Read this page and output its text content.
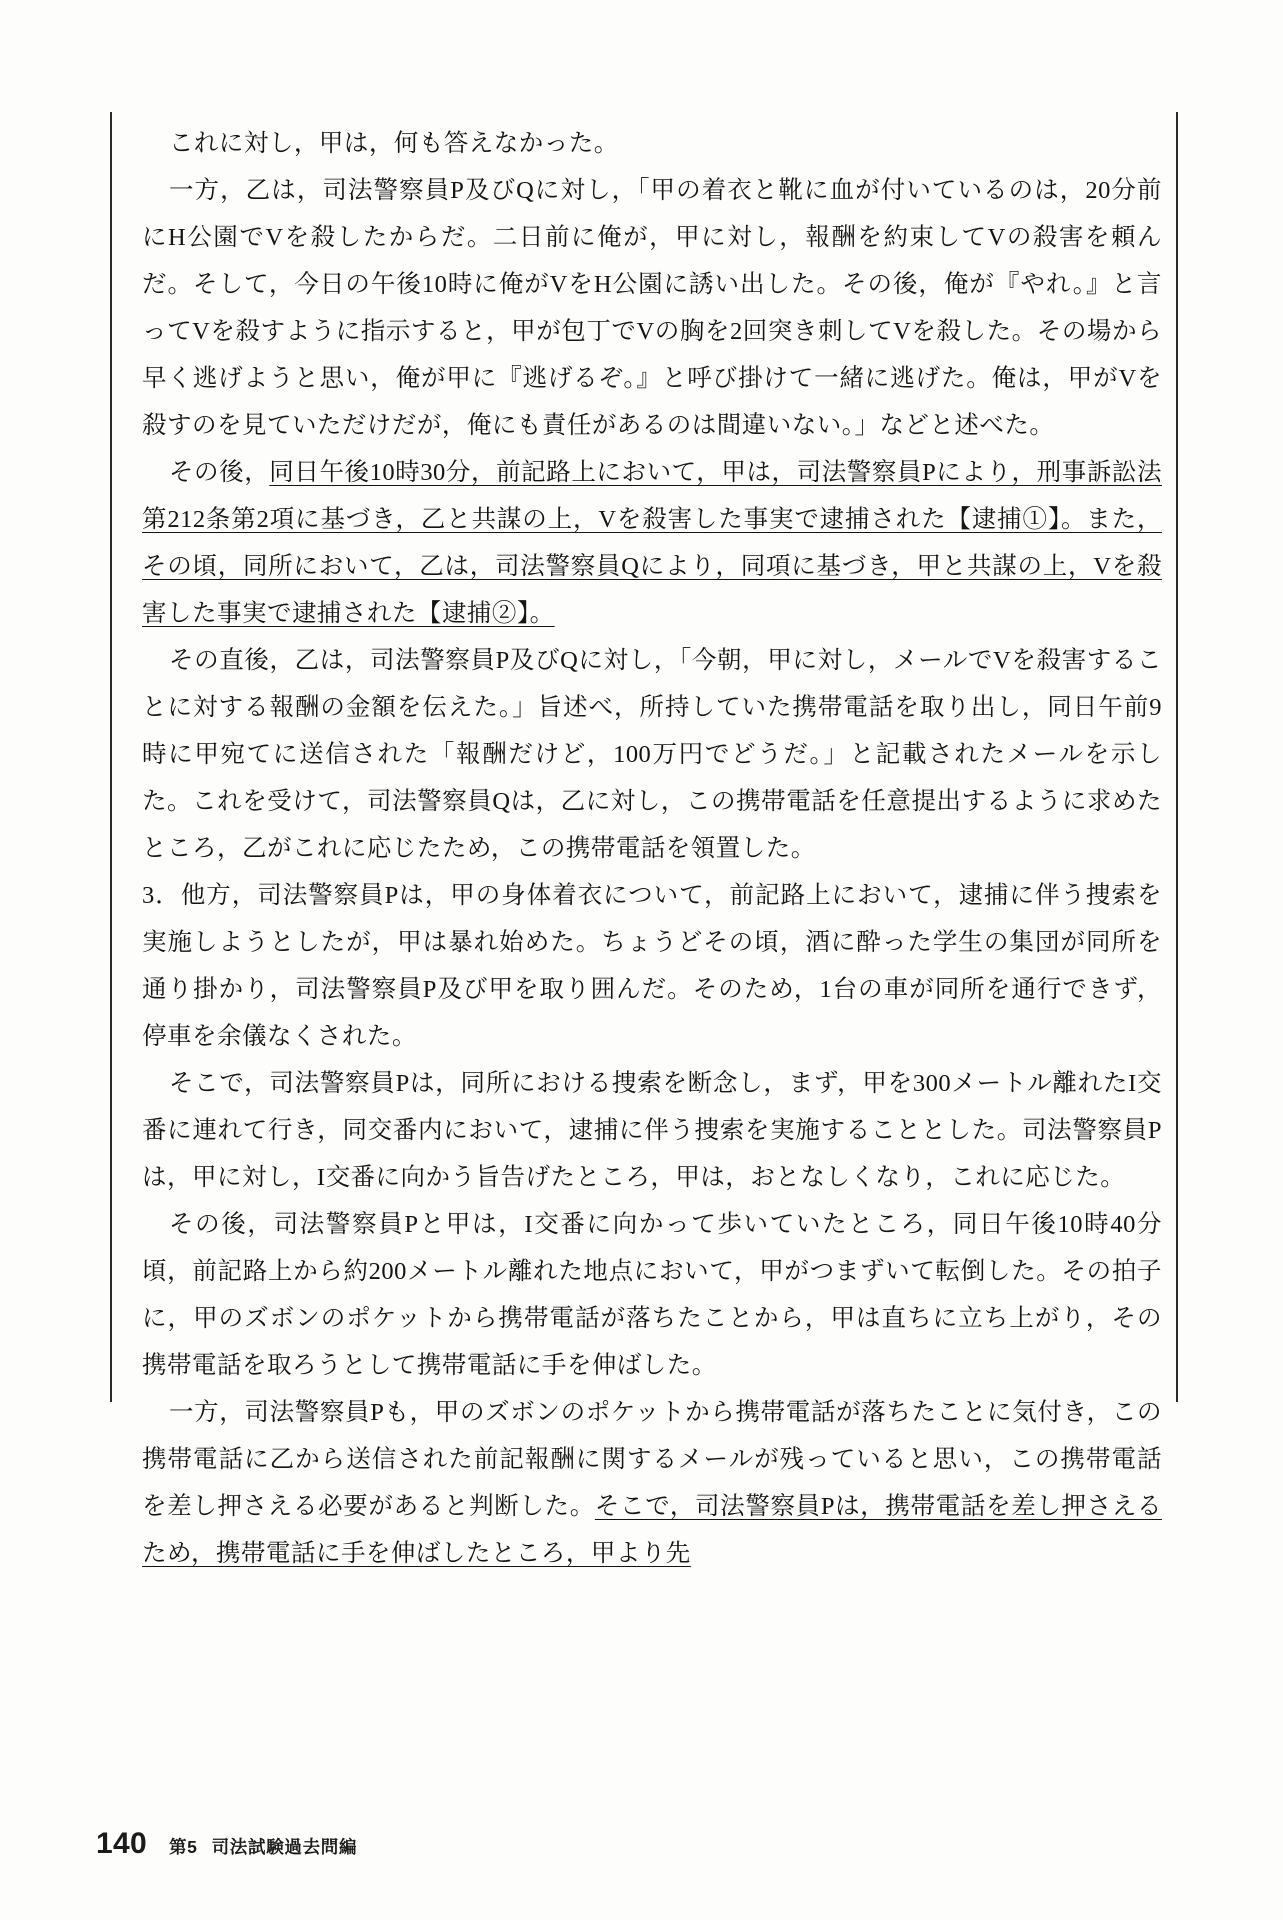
これに対し，甲は，何も答えなかった。

一方，乙は，司法警察員P及びQに対し，「甲の着衣と靴に血が付いているのは，20分前にH公園でVを殺したからだ。二日前に俺が，甲に対し，報酬を約束してVの殺害を頼んだ。そして，今日の午後10時に俺がVをH公園に誘い出した。その後，俺が『やれ。』と言ってVを殺すように指示すると，甲が包丁でVの胸を2回突き刺してVを殺した。その場から早く逃げようと思い，俺が甲に『逃げるぞ。』と呼び掛けて一緒に逃げた。俺は，甲がVを殺すのを見ていただけだが，俺にも責任があるのは間違いない。」などと述べた。

その後，同日午後10時30分，前記路上において，甲は，司法警察員Pにより，刑事訴訟法第212条第2項に基づき，乙と共謀の上，Vを殺害した事実で逮捕された【逮捕①】。また，その頃，同所において，乙は，司法警察員Qにより，同項に基づき，甲と共謀の上，Vを殺害した事実で逮捕された【逮捕②】。

その直後，乙は，司法警察員P及びQに対し，「今朝，甲に対し，メールでVを殺害することに対する報酬の金額を伝えた。」旨述べ，所持していた携帯電話を取り出し，同日午前9時に甲宛てに送信された「報酬だけど，100万円でどうだ。」と記載されたメールを示した。これを受けて，司法警察員Qは，乙に対し，この携帯電話を任意提出するように求めたところ，乙がこれに応じたため，この携帯電話を領置した。

3．他方，司法警察員Pは，甲の身体着衣について，前記路上において，逮捕に伴う捜索を実施しようとしたが，甲は暴れ始めた。ちょうどその頃，酒に酔った学生の集団が同所を通り掛かり，司法警察員P及び甲を取り囲んだ。そのため，1台の車が同所を通行できず，停車を余儀なくされた。

そこで，司法警察員Pは，同所における捜索を断念し，まず，甲を300メートル離れたI交番に連れて行き，同交番内において，逮捕に伴う捜索を実施することとした。司法警察員Pは，甲に対し，I交番に向かう旨告げたところ，甲は，おとなしくなり，これに応じた。

その後，司法警察員Pと甲は，I交番に向かって歩いていたところ，同日午後10時40分頃，前記路上から約200メートル離れた地点において，甲がつまずいて転倒した。その拍子に，甲のズボンのポケットから携帯電話が落ちたことから，甲は直ちに立ち上がり，その携帯電話を取ろうとして携帯電話に手を伸ばした。

一方，司法警察員Pも，甲のズボンのポケットから携帯電話が落ちたことに気付き，この携帯電話に乙から送信された前記報酬に関するメールが残っていると思い，この携帯電話を差し押さえる必要があると判断した。そこで，司法警察員Pは，携帯電話を差し押さえるため，携帯電話に手を伸ばしたところ，甲より先

140 第5 司法試験過去問編
